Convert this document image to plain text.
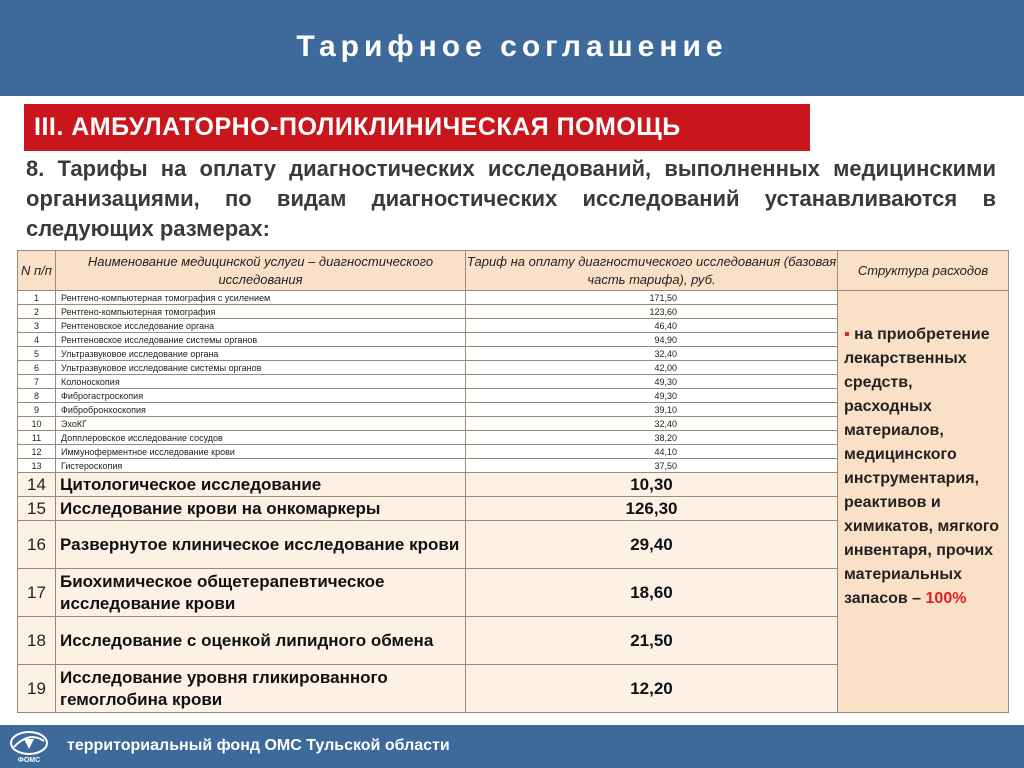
Тарифное соглашение
III. АМБУЛАТОРНО-ПОЛИКЛИНИЧЕСКАЯ ПОМОЩЬ

8. Тарифы на оплату диагностических исследований, выполненных медицинскими организациями, по видам диагностических исследований устанавливаются в следующих размерах:

N п/п	Наименование медицинской услуги – диагностического исследования	Тариф на оплату диагностического исследования (базовая часть тарифа), руб.	Структура расходов
1	Рентгено-компьютерная томография с усилением	171,50	▪ на приобретение лекарственных средств, расходных материалов, медицинского инструментария, реактивов и химикатов, мягкого инвентаря, прочих материальных запасов – 100%
2	Рентгено-компьютерная томография	123,60	
3	Рентгеновское исследование органа	46,40	
4	Рентгеновское исследование системы органов	94,90	
5	Ультразвуковое исследование органа	32,40	
6	Ультразвуковое исследование системы органов	42,00	
7	Колоноскопия	49,30	
8	Фиброгастроскопия	49,30	
9	Фибробронхоскопия	39,10	
10	ЭхоКГ	32,40	
11	Допплеровское исследование сосудов	38,20	
12	Иммуноферментное исследование крови	44,10	
13	Гистероскопия	37,50	
14	Цитологическое исследование	10,30	
15	Исследование крови на онкомаркеры	126,30	
16	Развернутое клиническое исследование крови	29,40	
17	Биохимическое общетерапевтическое исследование крови	18,60	
18	Исследование с оценкой липидного обмена	21,50	
19	Исследование уровня гликированного гемоглобина крови	12,20	
ФОМС
территориальный фонд ОМС Тульской области
